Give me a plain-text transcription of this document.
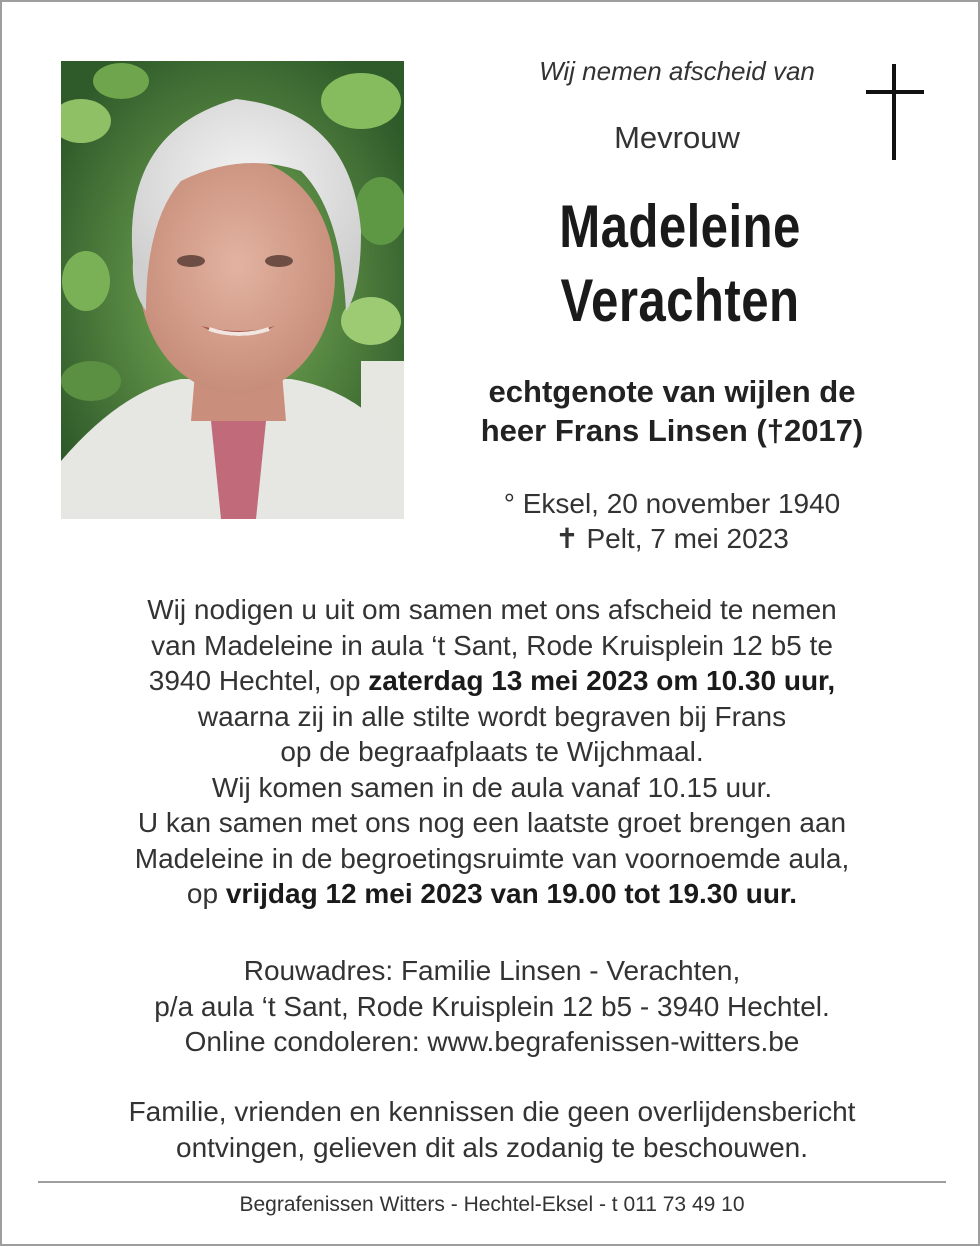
Wij nemen afscheid van
Mevrouw
Madeleine
Verachten
echtgenote van wijlen de
heer Frans Linsen (†2017)
° Eksel, 20 november 1940
✝ Pelt, 7 mei 2023
Wij nodigen u uit om samen met ons afscheid te nemen
van Madeleine in aula ‘t Sant, Rode Kruisplein 12 b5 te
3940 Hechtel, op zaterdag 13 mei 2023 om 10.30 uur,
waarna zij in alle stilte wordt begraven bij Frans
op de begraafplaats te Wijchmaal.
Wij komen samen in de aula vanaf 10.15 uur.
U kan samen met ons nog een laatste groet brengen aan
Madeleine in de begroetingsruimte van voornoemde aula,
op vrijdag 12 mei 2023 van 19.00 tot 19.30 uur.
Rouwadres: Familie Linsen - Verachten,
p/a aula ‘t Sant, Rode Kruisplein 12 b5 - 3940 Hechtel.
Online condoleren: www.begrafenissen-witters.be
Familie, vrienden en kennissen die geen overlijdensbericht
ontvingen, gelieven dit als zodanig te beschouwen.
Begrafenissen Witters - Hechtel-Eksel - t 011 73 49 10
